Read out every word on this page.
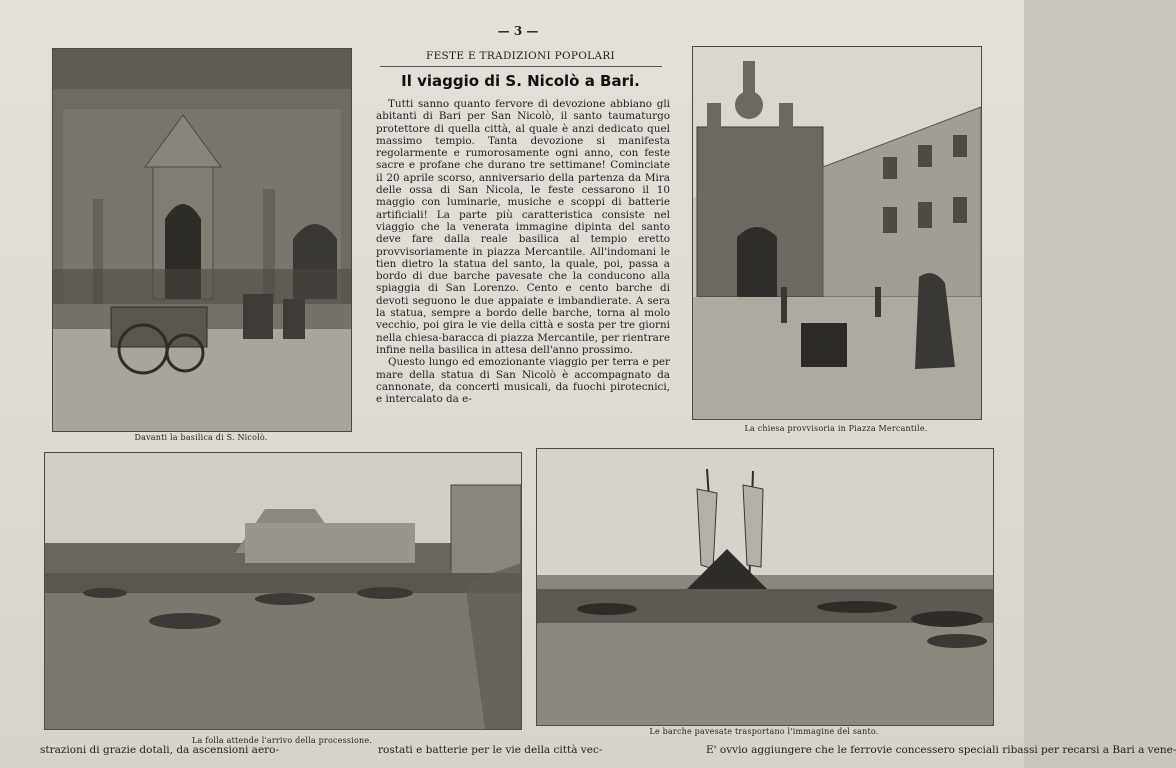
— 3 —
Davanti la basilica di S. Nicolò.
FESTE E TRADIZIONI POPOLARI
Il viaggio di S. Nicolò a Bari.

Tutti sanno quanto fervore di devozione abbiano gli abitanti di Bari per San Nicolò, il santo taumaturgo protettore di quella città, al quale è anzi dedicato quel massimo tempio. Tanta devozione si manifesta regolarmente e rumorosamente ogni anno, con feste sacre e profane che durano tre settimane! Cominciate il 20 aprile scorso, anniversario della partenza da Mira delle ossa di San Nicola, le feste cessarono il 10 maggio con luminarie, musiche e scoppi di batterie artificiali! La parte più caratteristica consiste nel viaggio che la venerata immagine dipinta del santo deve fare dalla reale basilica al tempio eretto provvisoriamente in piazza Mercantile. All'indomani le tien dietro la statua del santo, la quale, poi, passa a bordo di due barche pavesate che la conducono alla spiaggia di San Lorenzo. Cento e cento barche di devoti seguono le due appaiate e imbandierate. A sera la statua, sempre a bordo delle barche, torna al molo vecchio, poi gira le vie della città e sosta per tre giorni nella chiesa-baracca di piazza Mercantile, per rientrare infine nella basilica in attesa dell'anno prossimo.

Questo lungo ed emozionante viaggio per terra e per mare della statua di San Nicolò è accompagnato da cannonate, da concerti musicali, da fuochi pirotecnici, e intercalato da e-

La chiesa provvisoria in Piazza Mercantile.
La folla attende l'arrivo della processione.
Le barche pavesate trasportano l'immagine del santo.
strazioni di grazie dotali, da ascensioni aero-	rostati e batterie per le vie della città vec-	E' ovvio aggiungere che le ferrovie concessero speciali ribassi per recarsi a Bari a vene-
